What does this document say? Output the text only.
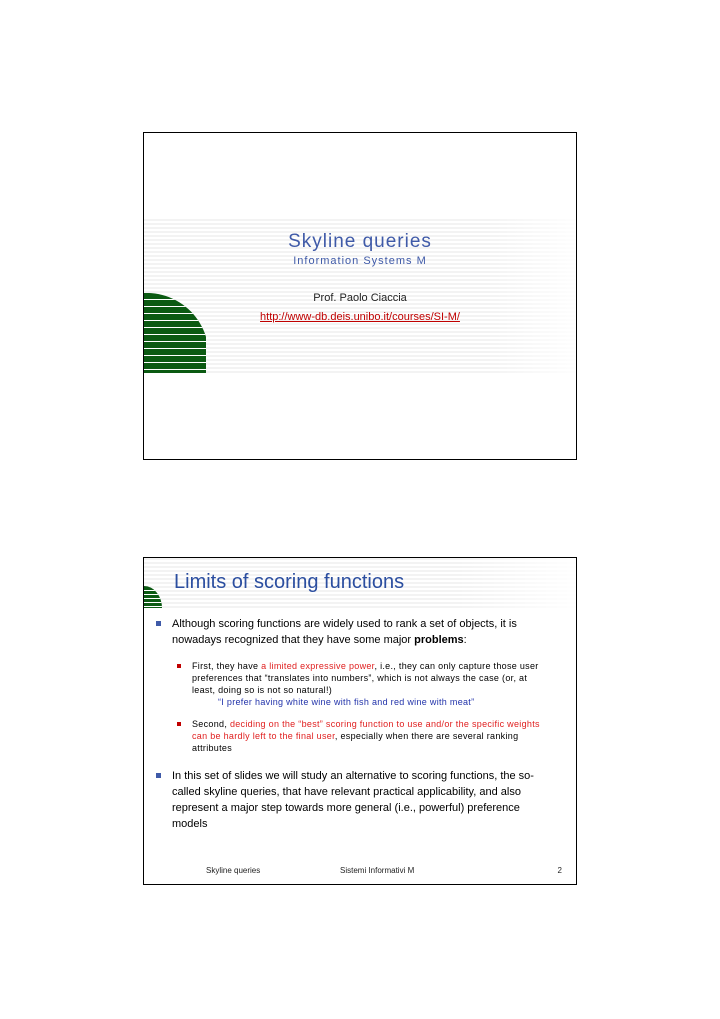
Skyline queries
Information Systems M
Prof. Paolo Ciaccia
http://www-db.deis.unibo.it/courses/SI-M/
Limits of scoring functions
Although scoring functions are widely used to rank a set of objects, it is nowadays recognized that they have some major problems:
First, they have a limited expressive power, i.e., they can only capture those user preferences that “translates into numbers”, which is not always the case (or, at least, doing so is not so natural!)
“I prefer having white wine with fish and red wine with meat”
Second, deciding on the “best” scoring function to use and/or the specific weights can be hardly left to the final user, especially when there are several ranking attributes
In this set of slides we will study an alternative to scoring functions, the so-called skyline queries, that have relevant practical applicability, and also represent a major step towards more general (i.e., powerful) preference models
Skyline queries	Sistemi Informativi M	2
